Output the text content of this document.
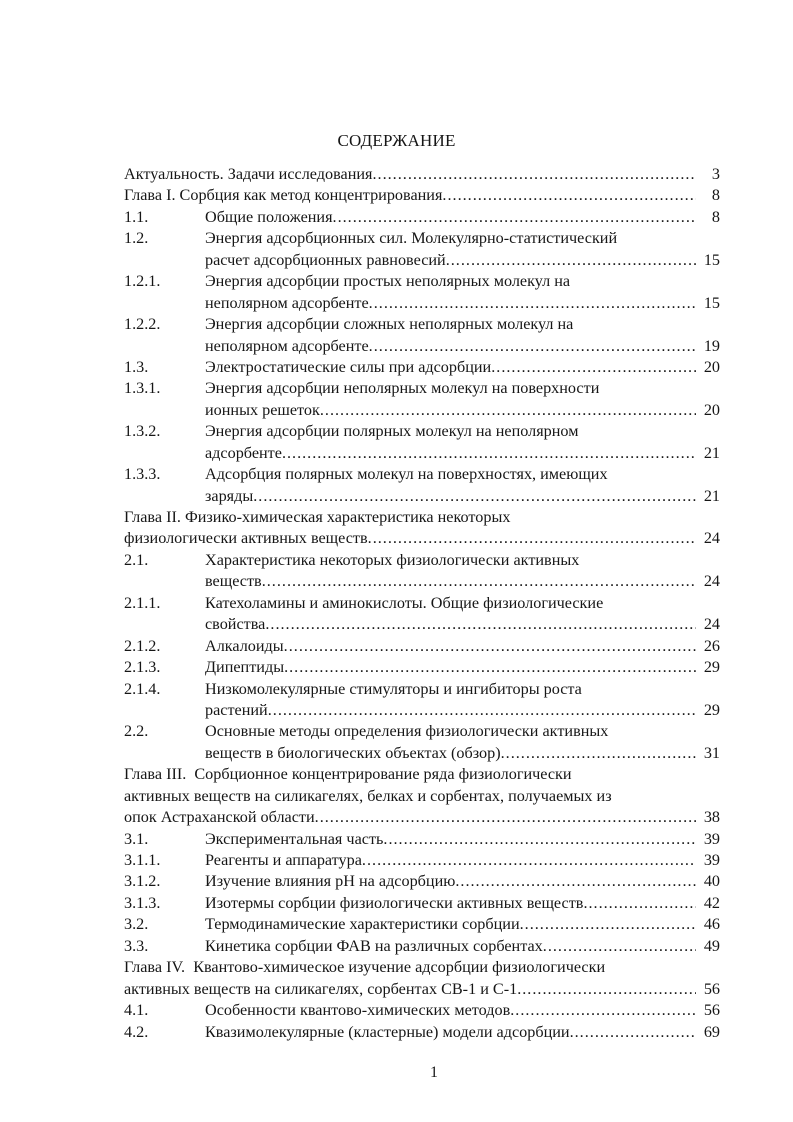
СОДЕРЖАНИЕ
Актуальность. Задачи исследования .....	3
Глава I. Сорбция как метод концентрирования .....	8
1.1.	Общие положения .....	8
1.2.	Энергия адсорбционных сил. Молекулярно-статистический
расчет адсорбционных равновесий .....	15
1.2.1.	Энергия адсорбции простых неполярных молекул на
неполярном адсорбенте .....	15
1.2.2.	Энергия адсорбции сложных неполярных молекул на
неполярном адсорбенте .....	19
1.3.	Электростатические силы при адсорбции .....	20
1.3.1.	Энергия адсорбции неполярных молекул на поверхности
ионных решеток .....	20
1.3.2.	Энергия адсорбции полярных молекул на неполярном
адсорбенте .....	21
1.3.3.	Адсорбция полярных молекул на поверхностях, имеющих
заряды .....	21
Глава II. Физико-химическая характеристика некоторых
физиологически активных веществ .....	24
2.1.	Характеристика некоторых физиологически активных
веществ .....	24
2.1.1.	Катехоламины и аминокислоты. Общие физиологические
свойства .....	24
2.1.2.	Алкалоиды .....	26
2.1.3.	Дипептиды .....	29
2.1.4.	Низкомолекулярные стимуляторы и ингибиторы роста
растений .....	29
2.2.	Основные методы определения физиологически активных
веществ в биологических объектах (обзор) .....	31
Глава III.  Сорбционное концентрирование ряда физиологически
активных веществ на силикагелях, белках и сорбентах, получаемых из
опок Астраханской области .....	38
3.1.	Экспериментальная часть .....	39
3.1.1.	Реагенты и аппаратура .....	39
3.1.2.	Изучение влияния pH на адсорбцию .....	40
3.1.3.	Изотермы сорбции физиологически активных веществ .....	42
3.2.	Термодинамические характеристики сорбции .....	46
3.3.	Кинетика сорбции ФАВ на различных сорбентах .....	49
Глава IV.  Квантово-химическое изучение адсорбции физиологически
активных веществ на силикагелях, сорбентах СВ-1 и С-1 .....	56
4.1.	Особенности квантово-химических методов .....	56
4.2.	Квазимолекулярные (кластерные) модели адсорбции .....	69
1
